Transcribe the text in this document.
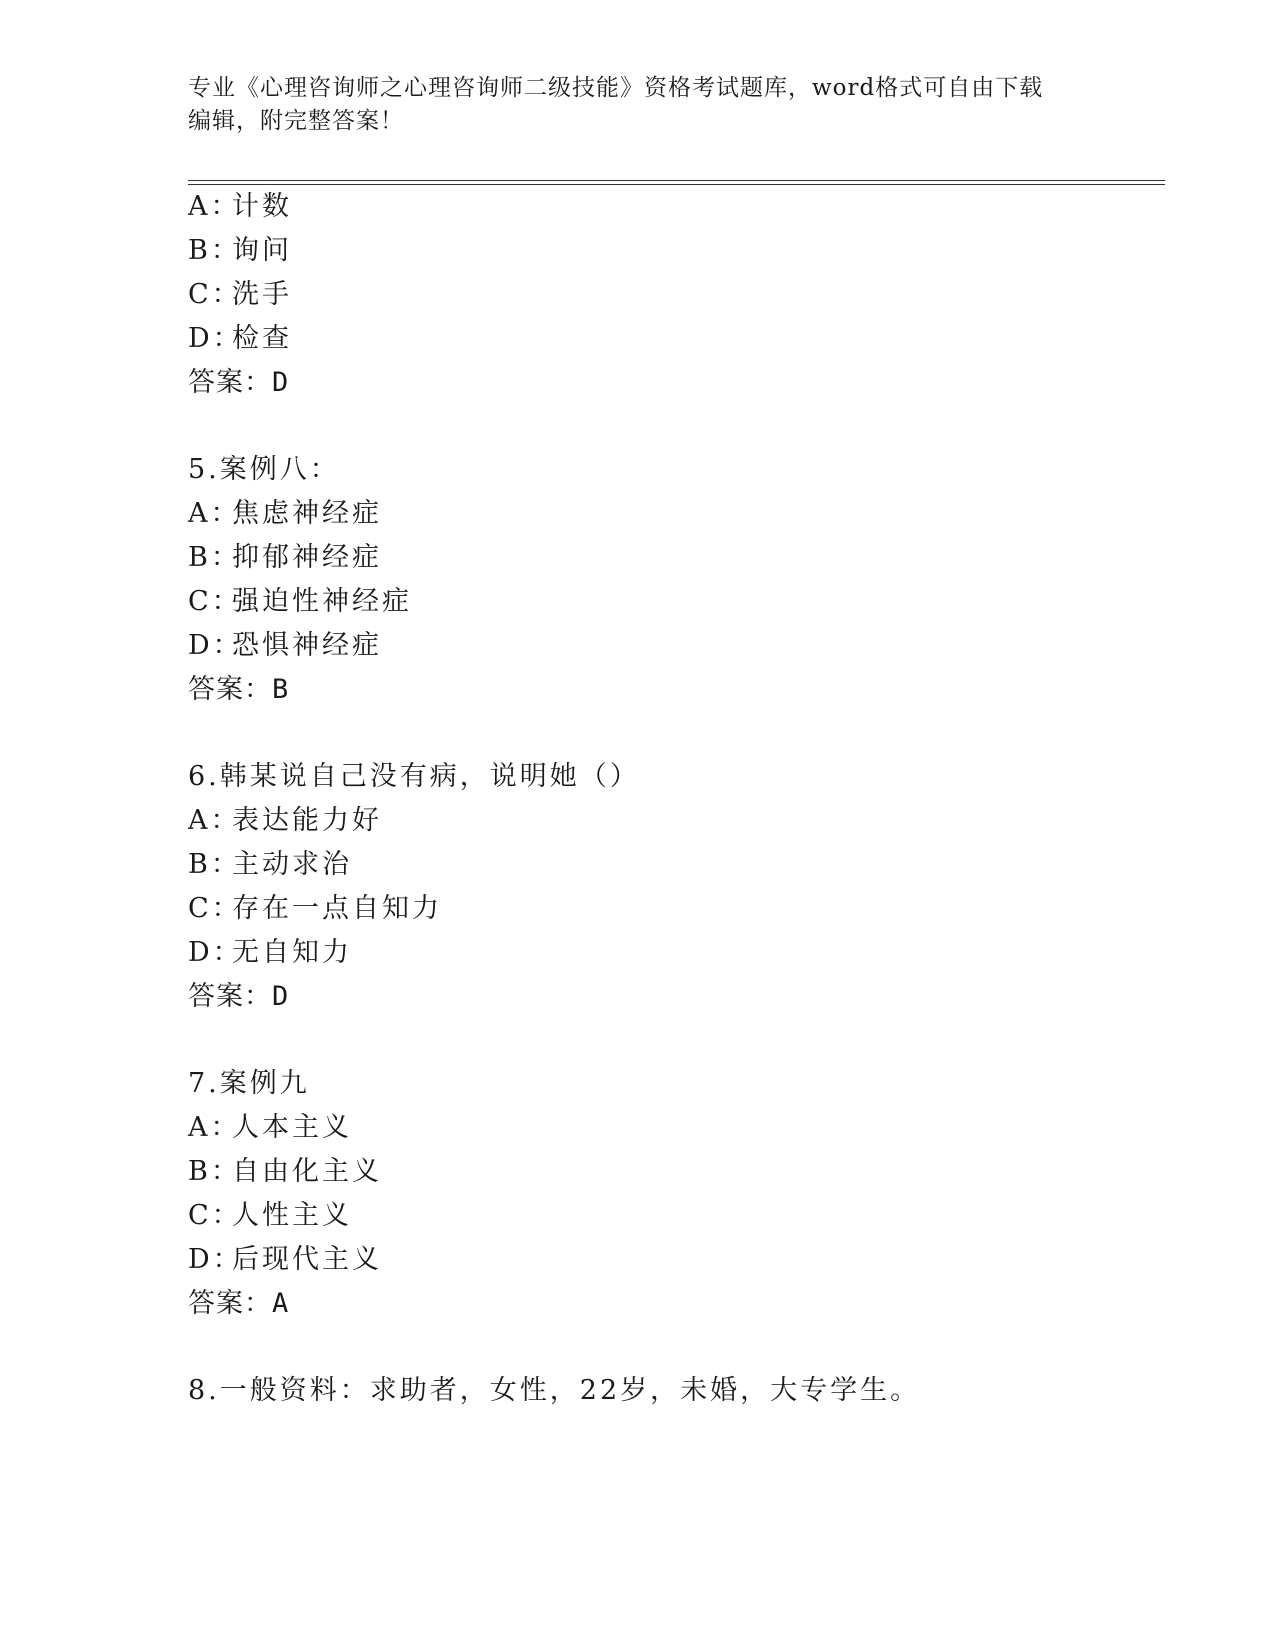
专业《心理咨询师之心理咨询师二级技能》资格考试题库，word格式可自由下载
编辑，附完整答案！
A：计数
B：询问
C：洗手
D：检查
答案：D
5.案例八：
A：焦虑神经症
B：抑郁神经症
C：强迫性神经症
D：恐惧神经症
答案：B
6.韩某说自己没有病，说明她（）
A：表达能力好
B：主动求治
C：存在一点自知力
D：无自知力
答案：D
7.案例九
A：人本主义
B：自由化主义
C：人性主义
D：后现代主义
答案：A
8.一般资料：求助者，女性，22岁，未婚，大专学生。
